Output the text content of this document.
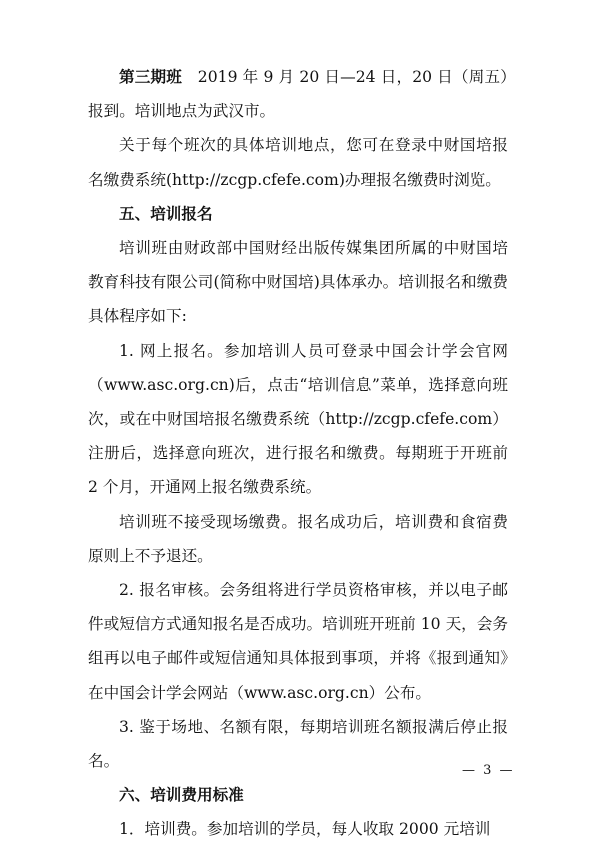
第三期班　2019 年 9 月 20 日—24 日，20 日（周五）报到。培训地点为武汉市。

关于每个班次的具体培训地点，您可在登录中财国培报名缴费系统(http://zcgp.cfefe.com)办理报名缴费时浏览。

五、培训报名

培训班由财政部中国财经出版传媒集团所属的中财国培教育科技有限公司(简称中财国培)具体承办。培训报名和缴费具体程序如下:

1. 网上报名。参加培训人员可登录中国会计学会官网（www.asc.org.cn)后，点击“培训信息”菜单，选择意向班次，或在中财国培报名缴费系统（http://zcgp.cfefe.com）注册后，选择意向班次，进行报名和缴费。每期班于开班前 2 个月，开通网上报名缴费系统。

培训班不接受现场缴费。报名成功后，培训费和食宿费原则上不予退还。

2. 报名审核。会务组将进行学员资格审核，并以电子邮件或短信方式通知报名是否成功。培训班开班前 10 天，会务组再以电子邮件或短信通知具体报到事项，并将《报到通知》在中国会计学会网站（www.asc.org.cn）公布。

3. 鉴于场地、名额有限，每期培训班名额报满后停止报名。

六、培训费用标准

1．培训费。参加培训的学员，每人收取 2000 元培训

— 3 —
